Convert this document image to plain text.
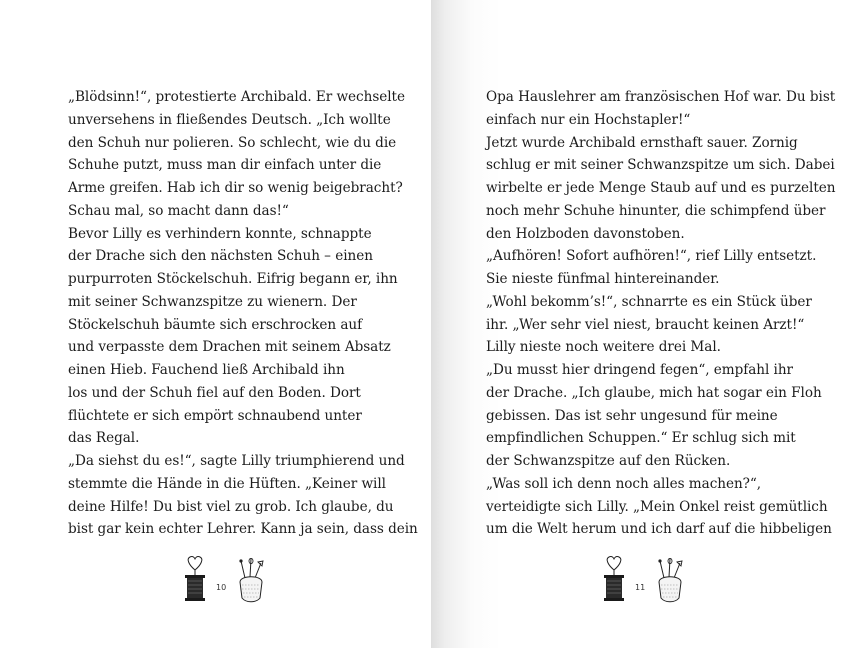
„Blödsinn!“, protestierte Archibald. Er wechselte
unversehens in fließendes Deutsch. „Ich wollte
den Schuh nur polieren. So schlecht, wie du die
Schuhe putzt, muss man dir einfach unter die
Arme greifen. Hab ich dir so wenig beigebracht?
Schau mal, so macht dann das!“
Bevor Lilly es verhindern konnte, schnappte
der Drache sich den nächsten Schuh – einen
purpurroten Stöckelschuh. Eifrig begann er, ihn
mit seiner Schwanzspitze zu wienern. Der
Stöckelschuh bäumte sich erschrocken auf
und verpasste dem Drachen mit seinem Absatz
einen Hieb. Fauchend ließ Archibald ihn
los und der Schuh fiel auf den Boden. Dort
flüchtete er sich empört schnaubend unter
das Regal.
„Da siehst du es!“, sagte Lilly triumphierend und
stemmte die Hände in die Hüften. „Keiner will
deine Hilfe! Du bist viel zu grob. Ich glaube, du
bist gar kein echter Lehrer. Kann ja sein, dass dein
10
Opa Hauslehrer am französischen Hof war. Du bist
einfach nur ein Hochstapler!“
Jetzt wurde Archibald ernsthaft sauer. Zornig
schlug er mit seiner Schwanzspitze um sich. Dabei
wirbelte er jede Menge Staub auf und es purzelten
noch mehr Schuhe hinunter, die schimpfend über
den Holzboden davonstoben.
„Aufhören! Sofort aufhören!“, rief Lilly entsetzt.
Sie nieste fünfmal hintereinander.
„Wohl bekomm’s!“, schnarrte es ein Stück über
ihr. „Wer sehr viel niest, braucht keinen Arzt!“
Lilly nieste noch weitere drei Mal.
„Du musst hier dringend fegen“, empfahl ihr
der Drache. „Ich glaube, mich hat sogar ein Floh
gebissen. Das ist sehr ungesund für meine
empfindlichen Schuppen.“ Er schlug sich mit
der Schwanzspitze auf den Rücken.
„Was soll ich denn noch alles machen?“,
verteidigte sich Lilly. „Mein Onkel reist gemütlich
um die Welt herum und ich darf auf die hibbeligen
11
